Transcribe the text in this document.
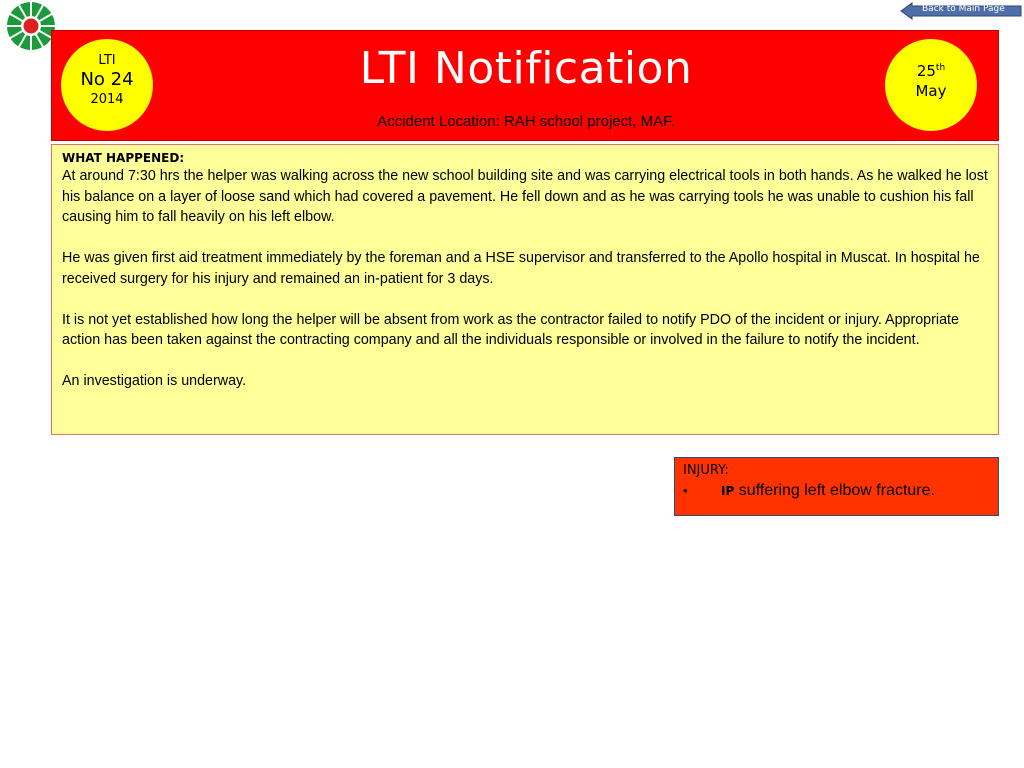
Back to Main Page
LTI
No 24
2014
LTI Notification
Accident Location: RAH school project, MAF.
25th
May
WHAT HAPPENED:

At around 7:30 hrs the helper was walking across the new school building site and was carrying electrical tools in both hands. As he walked he lost his balance on a layer of loose sand which had covered a pavement. He fell down and as he was carrying tools he was unable to cushion his fall causing him to fall heavily on his left elbow.

He was given first aid treatment immediately by the foreman and a HSE supervisor and transferred to the Apollo hospital in Muscat. In hospital he received surgery for his injury and remained an in-patient for 3 days.

It is not yet established how long the helper will be absent from work as the contractor failed to notify PDO of the incident or injury. Appropriate action has been taken against the contracting company and all the individuals responsible or involved in the failure to notify the incident.

An investigation is underway.

INJURY:
•	IP suffering left elbow fracture.
